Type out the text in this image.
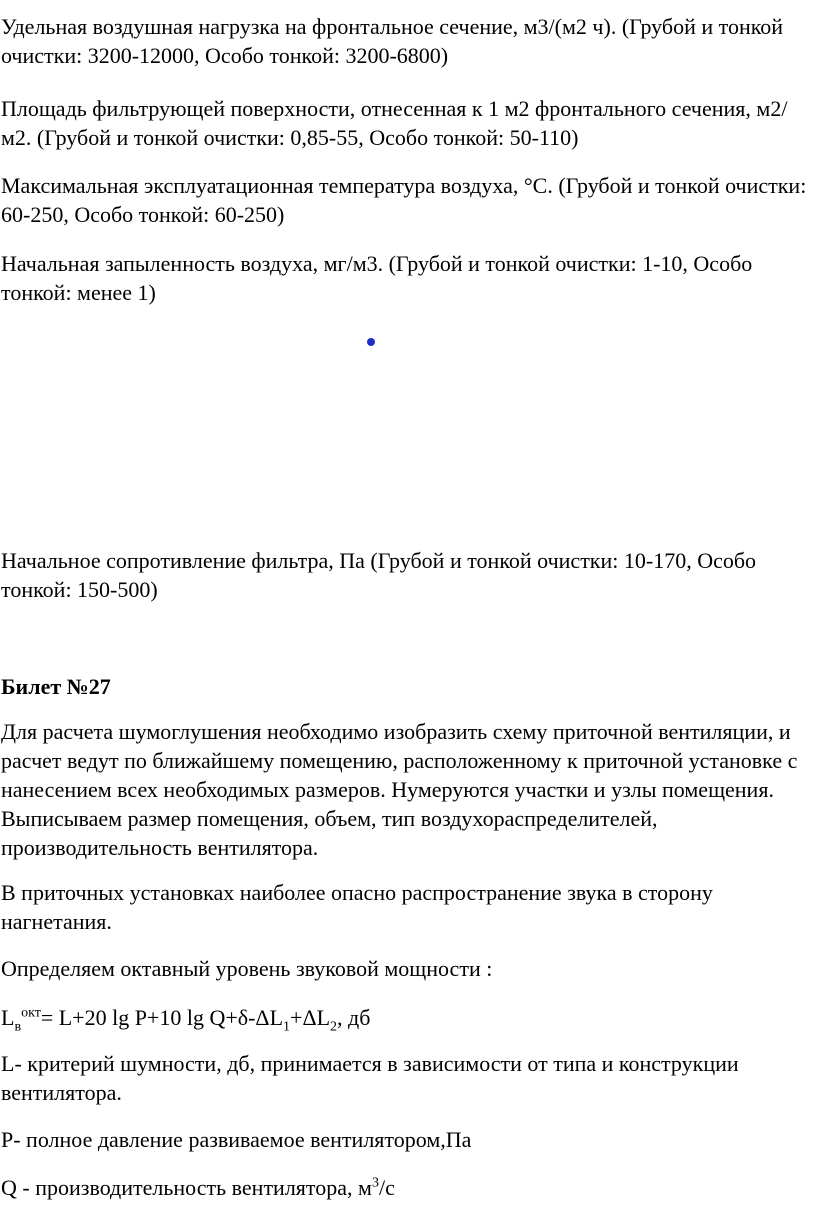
Удельная воздушная нагрузка на фронтальное сечение, м3/(м2 ч). (Грубой и тонкой очистки: 3200-12000, Особо тонкой: 3200-6800)

Площадь фильтрующей поверхности, отнесенная к 1 м2 фронтального сечения, м2/м2. (Грубой и тонкой очистки: 0,85-55, Особо тонкой: 50-110)

Максимальная эксплуатационная температура воздуха, °С. (Грубой и тонкой очистки: 60-250, Особо тонкой: 60-250)

Начальная запыленность воздуха, мг/м3. (Грубой и тонкой очистки: 1-10, Особо тонкой: менее 1)

Начальное сопротивление фильтра, Па (Грубой и тонкой очистки: 10-170, Особо тонкой: 150-500)

Билет №27

Для расчета шумоглушения необходимо изобразить схему приточной вентиляции, и расчет ведут по ближайшему помещению, расположенному к приточной установке с нанесением всех необходимых размеров. Нумеруются участки и узлы помещения. Выписываем размер помещения, объем, тип воздухораспределителей, производительность вентилятора.

В приточных установках наиболее опасно распространение звука в сторону нагнетания.

Определяем октавный уровень звуковой мощности :

$L_в^{окт}= L+20$ lg P+10 $\lg Q+\delta-\Delta L_1+\Delta L_2$, дб

L- критерий шумности, дб, принимается в зависимости от типа и конструкции вентилятора.

P- полное давление развиваемое вентилятором,Па

Q - производительность вентилятора, $м^3/с$
